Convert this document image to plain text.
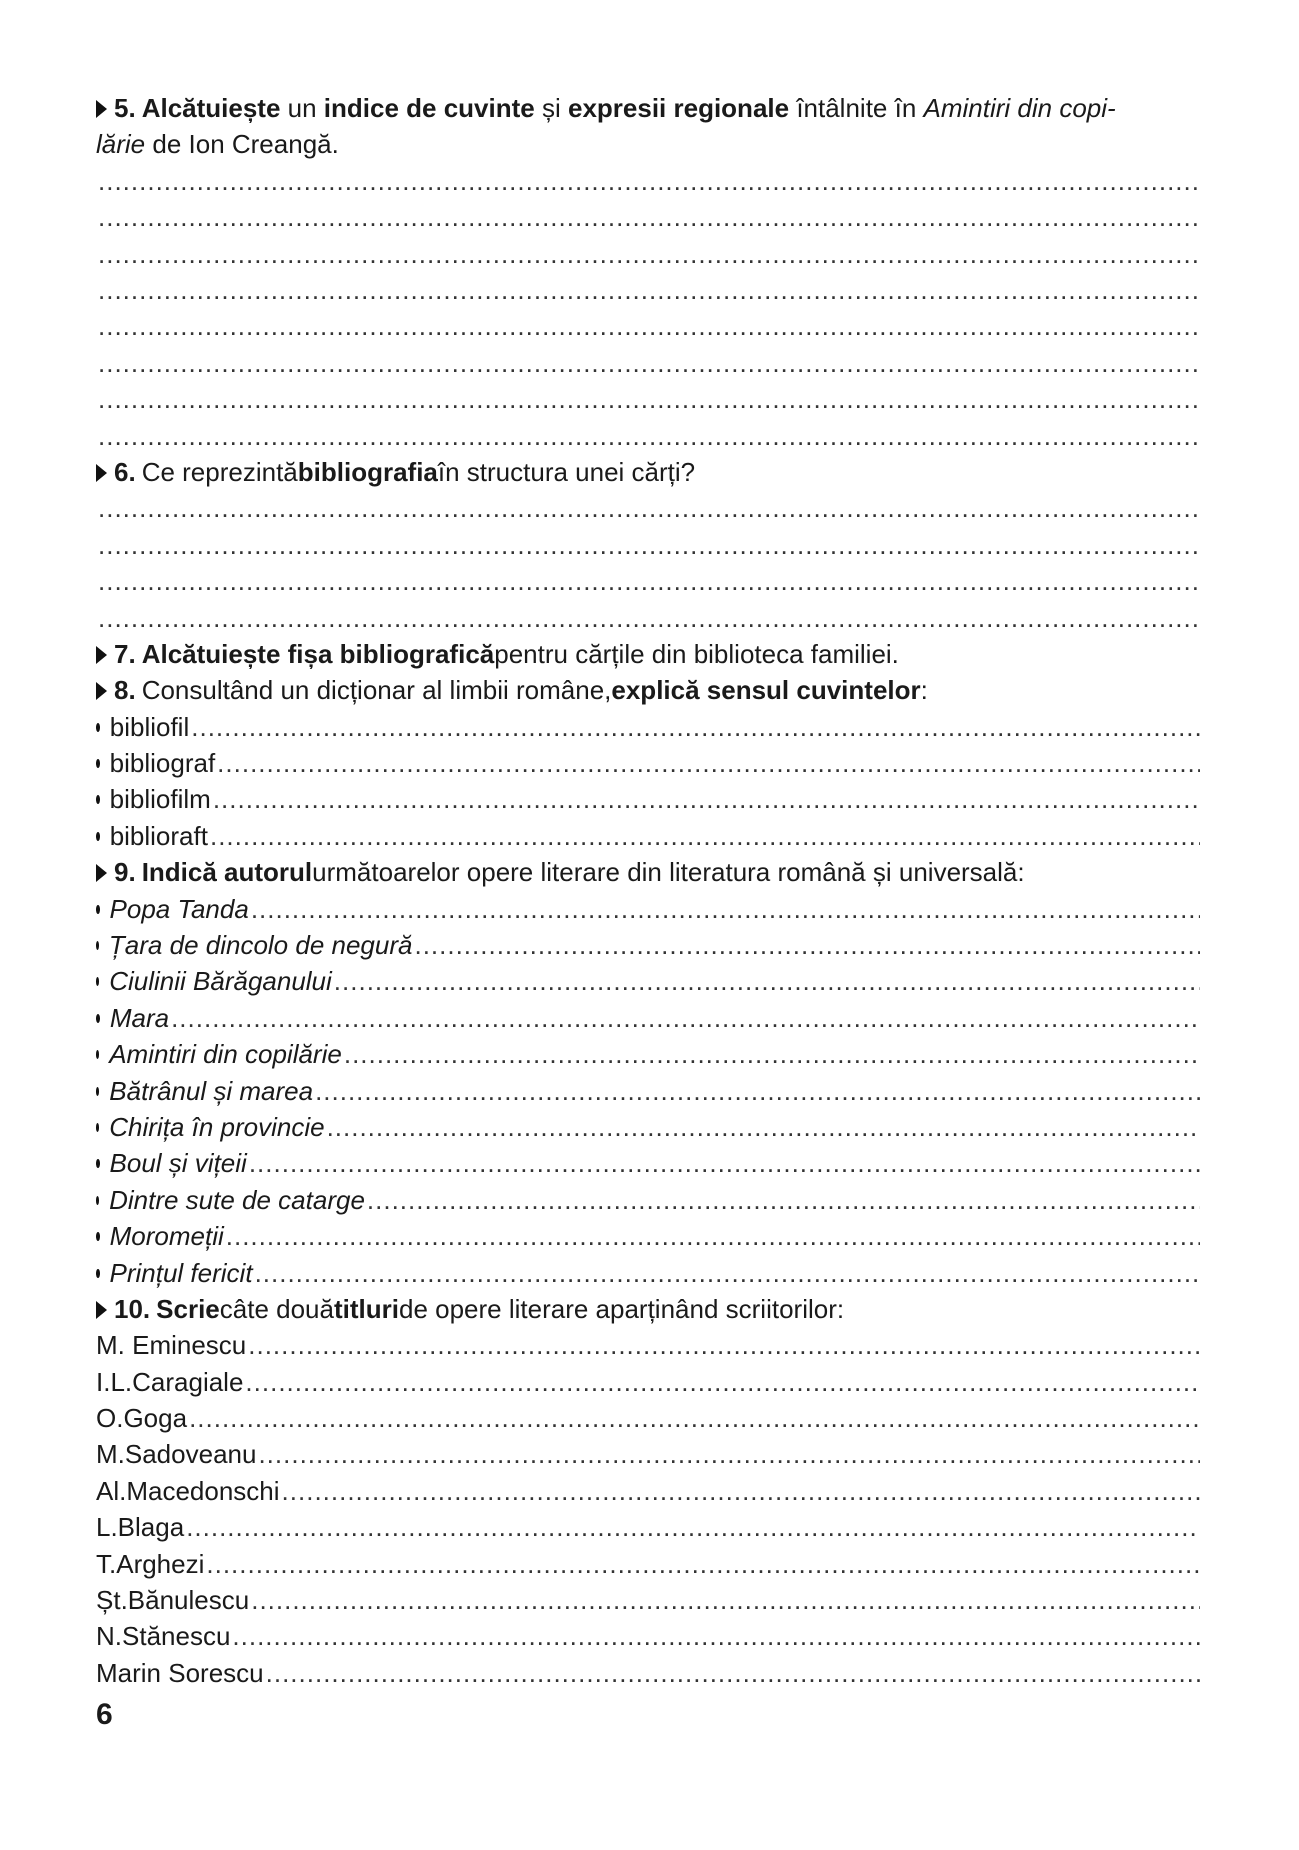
5. Alcătuiește un indice de cuvinte și expresii regionale întâlnite în Amintiri din copi-
lărie de Ion Creangă.
.....
.....
.....
.....
.....
.....
.....
.....
6. Ce reprezintă bibliografia în structura unei cărți?
.....
.....
.....
.....
7. Alcătuiește fișa bibliografică pentru cărțile din biblioteca familiei.
8. Consultând un dicționar al limbii române, explică sensul cuvintelor :
bibliofil
.....
bibliograf
.....
bibliofilm
.....
biblioraft
.....
9. Indică autorul următoarelor opere literare din literatura română și universală:
Popa Tanda
.....
Țara de dincolo de negură
.....
Ciulinii Bărăganului
.....
Mara
.....
Amintiri din copilărie
.....
Bătrânul și marea
.....
Chirița în provincie
.....
Boul și vițeii
.....
Dintre sute de catarge
.....
Moromeții
.....
Prințul fericit
.....
10. Scrie câte două titluri de opere literare aparținând scriitorilor:
M. Eminescu
.....
I.L.Caragiale
.....
O.Goga
.....
M.Sadoveanu
.....
Al.Macedonschi
.....
L.Blaga
.....
T.Arghezi
.....
Șt.Bănulescu
.....
N.Stănescu
.....
Marin Sorescu
.....
6
